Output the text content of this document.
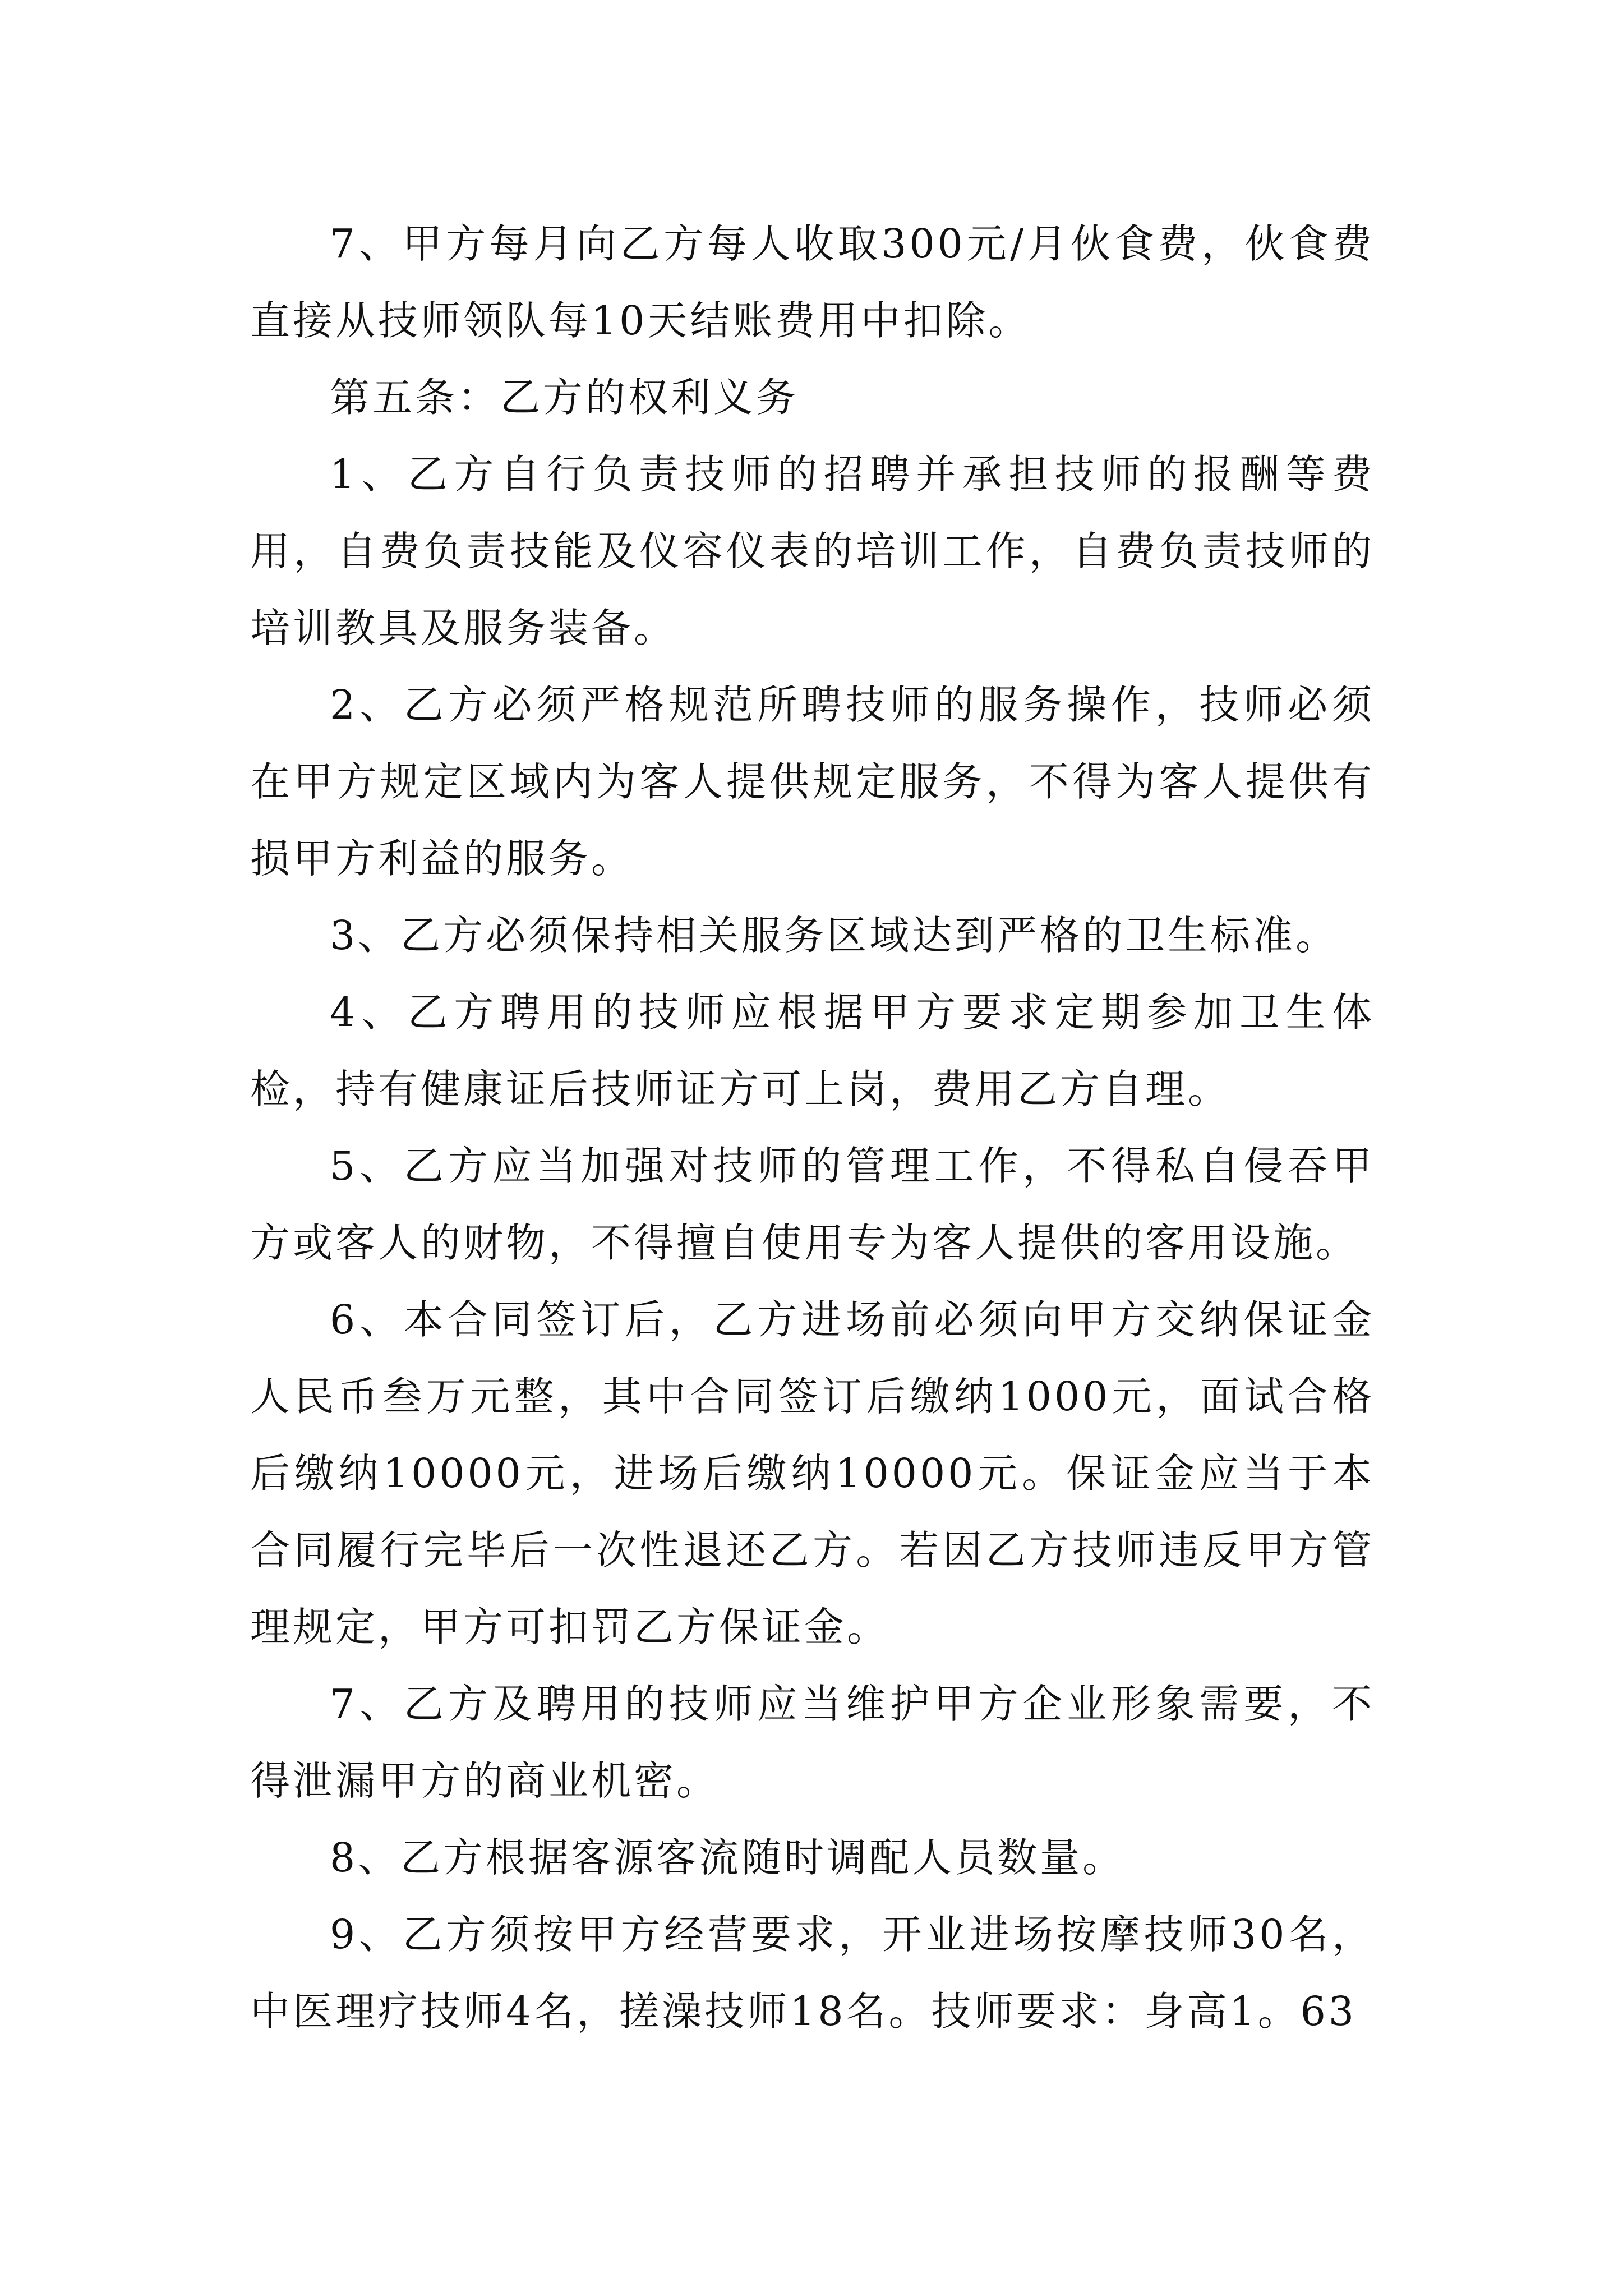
7、甲方每月向乙方每人收取300元/月伙食费，伙食费直接从技师领队每10天结账费用中扣除。

第五条：乙方的权利义务

1、乙方自行负责技师的招聘并承担技师的报酬等费用，自费负责技能及仪容仪表的培训工作，自费负责技师的培训教具及服务装备。

2、乙方必须严格规范所聘技师的服务操作，技师必须在甲方规定区域内为客人提供规定服务，不得为客人提供有损甲方利益的服务。

3、乙方必须保持相关服务区域达到严格的卫生标准。

4、乙方聘用的技师应根据甲方要求定期参加卫生体检，持有健康证后技师证方可上岗，费用乙方自理。

5、乙方应当加强对技师的管理工作，不得私自侵吞甲方或客人的财物，不得擅自使用专为客人提供的客用设施。

6、本合同签订后，乙方进场前必须向甲方交纳保证金人民币叁万元整，其中合同签订后缴纳1000元，面试合格后缴纳10000元，进场后缴纳10000元。保证金应当于本合同履行完毕后一次性退还乙方。若因乙方技师违反甲方管理规定，甲方可扣罚乙方保证金。

7、乙方及聘用的技师应当维护甲方企业形象需要，不得泄漏甲方的商业机密。

8、乙方根据客源客流随时调配人员数量。

9、乙方须按甲方经营要求，开业进场按摩技师30名，中医理疗技师4名，搓澡技师18名。技师要求：身高1。63
